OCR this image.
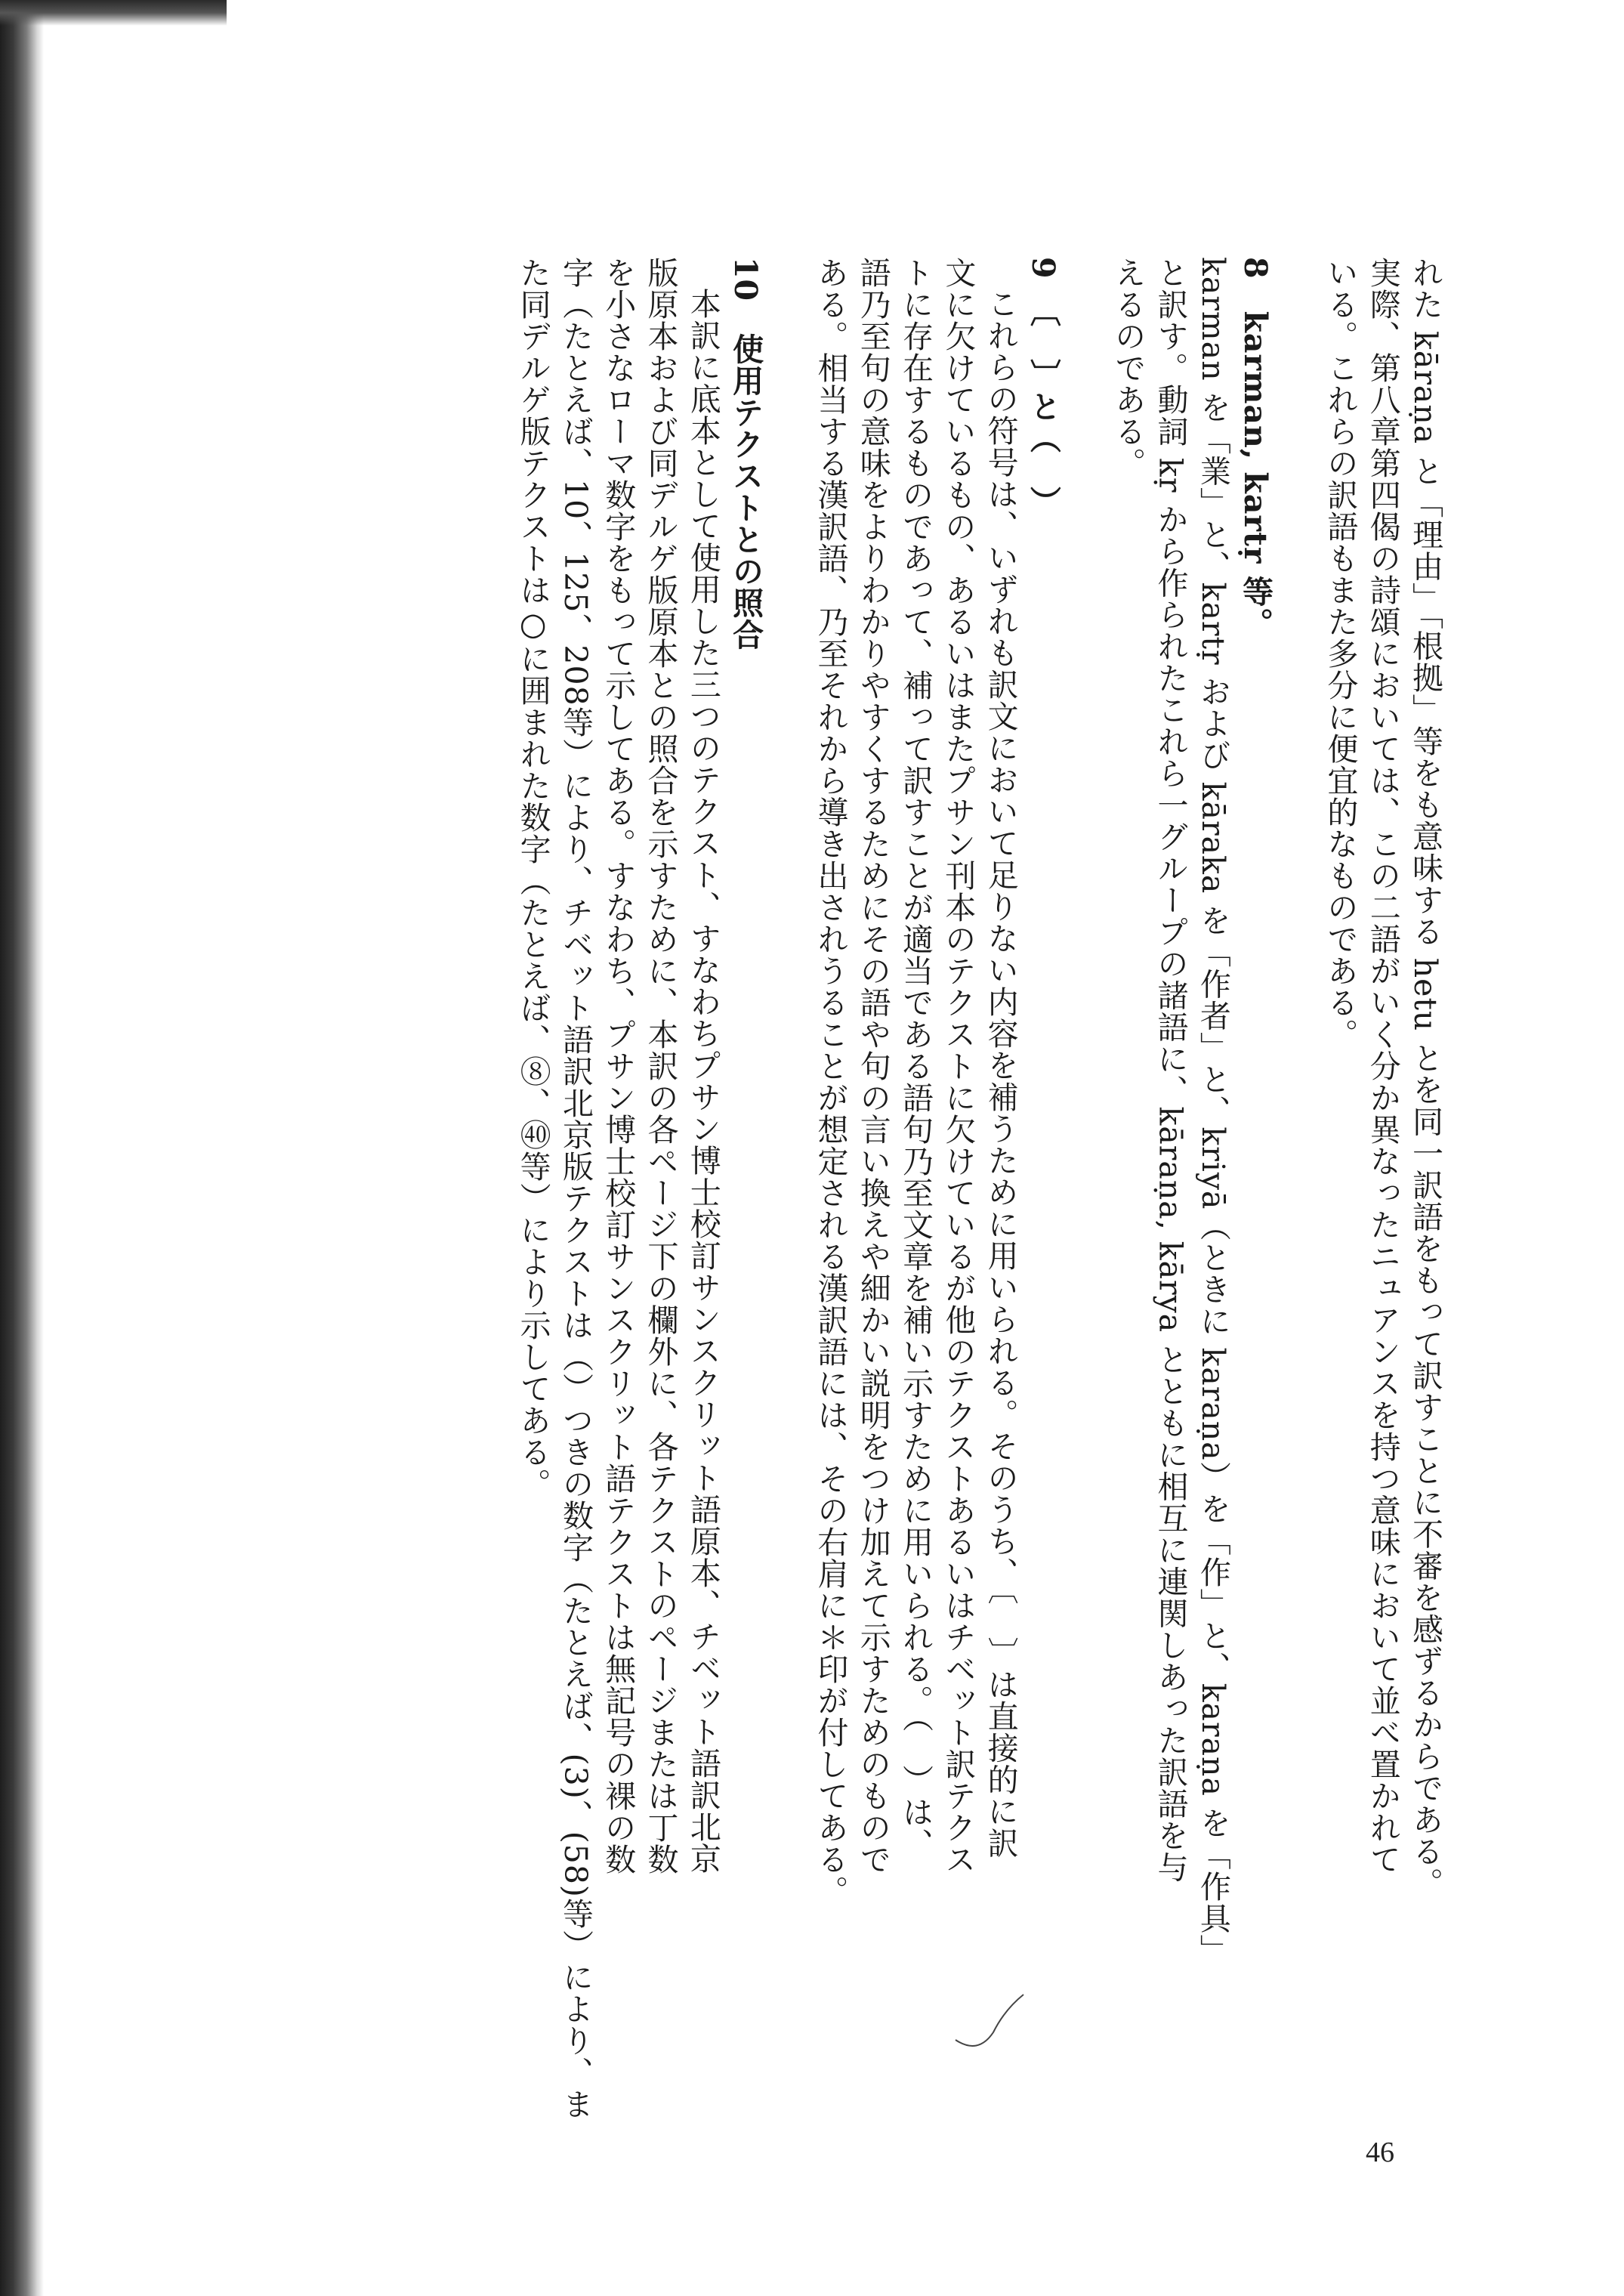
れた kāraṇa と「理由」「根拠」等をも意味する hetu とを同一訳語をもって訳すことに不審を感ずるからである。
実際、第八章第四偈の詩頌においては、この二語がいく分か異なったニュアンスを持つ意味において並べ置かれて
いる。これらの訳語もまた多分に便宜的なものである。
8　karman, kartṛ 等。
karman を「業」と、kartṛ および kāraka を「作者」と、kriyā（ときに karaṇa）を「作」と、karaṇa を「作具」
と訳す。動詞 kṛ から作られたこれら一グループの諸語に、kāraṇa, kārya とともに相互に連関しあった訳語を与
えるのである。
9　〔　〕と（　）
これらの符号は、いずれも訳文において足りない内容を補うために用いられる。そのうち、〔　〕は直接的に訳
文に欠けているもの、あるいはまたプサン刊本のテクストに欠けているが他のテクストあるいはチベット訳テクス
トに存在するものであって、補って訳すことが適当である語句乃至文章を補い示すために用いられる。（　）は、
語乃至句の意味をよりわかりやすくするためにその語や句の言い換えや細かい説明をつけ加えて示すためのもので
ある。相当する漢訳語、乃至それから導き出されうることが想定される漢訳語には、その右肩に＊印が付してある。
10　使用テクストとの照合
本訳に底本として使用した三つのテクスト、すなわちプサン博士校訂サンスクリット語原本、チベット語訳北京
版原本および同デルゲ版原本との照合を示すために、本訳の各ページ下の欄外に、各テクストのページまたは丁数
を小さなローマ数字をもって示してある。すなわち、プサン博士校訂サンスクリット語テクストは無記号の裸の数
字（たとえば、10、125、208等）により、チベット語訳北京版テクストは（）つきの数字（たとえば、(3)、(58)等）により、ま
た同デルゲ版テクストは○に囲まれた数字（たとえば、⑧、㊵等）により示してある。
46
